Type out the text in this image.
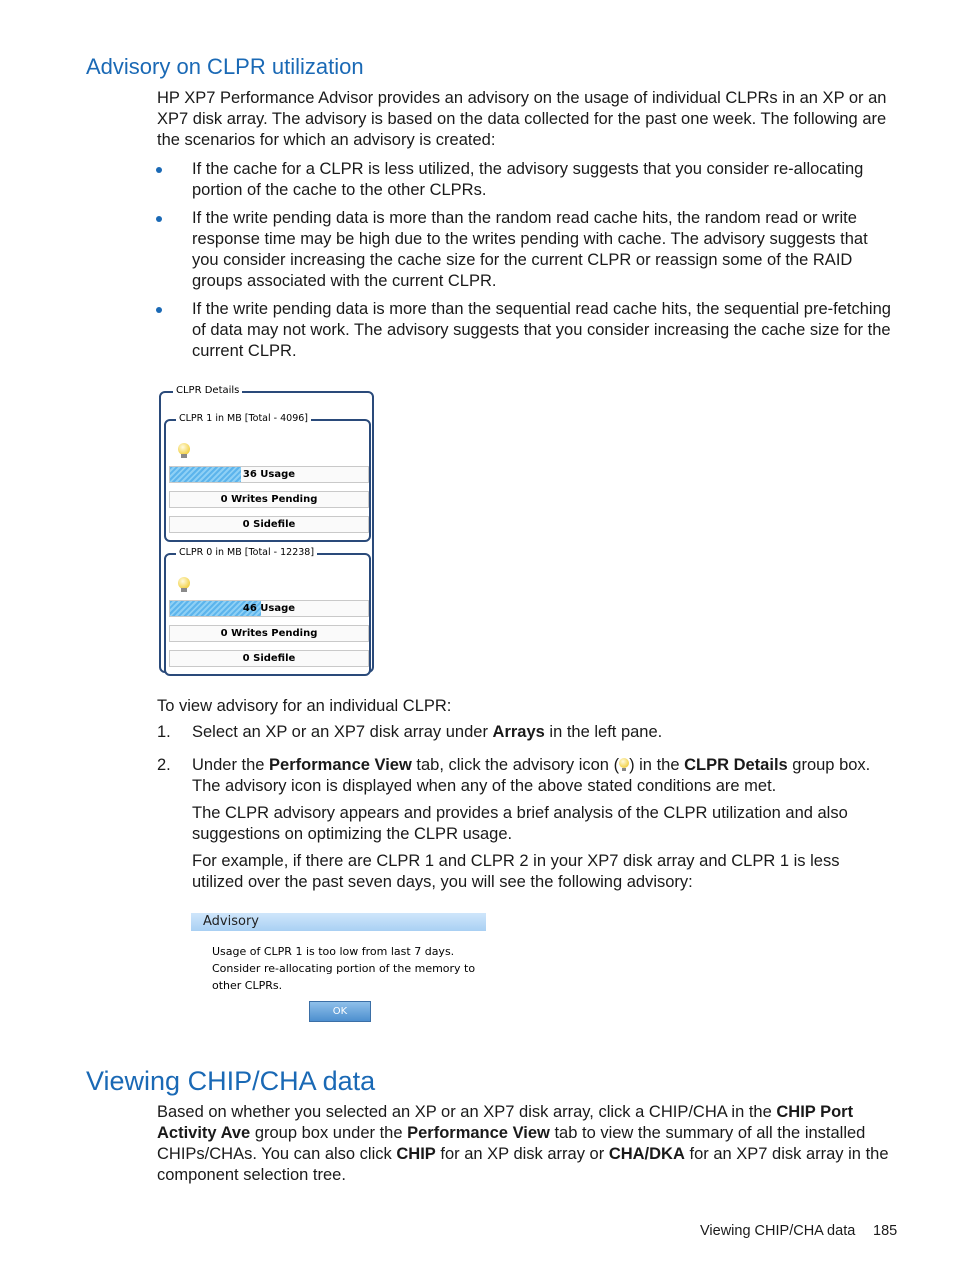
Advisory on CLPR utilization
HP XP7 Performance Advisor provides an advisory on the usage of individual CLPRs in an XP or an XP7 disk array. The advisory is based on the data collected for the past one week. The following are the scenarios for which an advisory is created:
If the cache for a CLPR is less utilized, the advisory suggests that you consider re-allocating portion of the cache to the other CLPRs.
If the write pending data is more than the random read cache hits, the random read or write response time may be high due to the writes pending with cache. The advisory suggests that you consider increasing the cache size for the current CLPR or reassign some of the RAID groups associated with the current CLPR.
If the write pending data is more than the sequential read cache hits, the sequential pre-fetching of data may not work. The advisory suggests that you consider increasing the cache size for the current CLPR.
CLPR Details
CLPR 1 in MB [Total - 4096]
36 Usage
0 Writes Pending
0 Sidefile
CLPR 0 in MB [Total - 12238]
46 Usage
0 Writes Pending
0 Sidefile
To view advisory for an individual CLPR:
1. Select an XP or an XP7 disk array under Arrays in the left pane.
2. Under the Performance View tab, click the advisory icon ( ) in the CLPR Details group box. The advisory icon is displayed when any of the above stated conditions are met.
The CLPR advisory appears and provides a brief analysis of the CLPR utilization and also suggestions on optimizing the CLPR usage.
For example, if there are CLPR 1 and CLPR 2 in your XP7 disk array and CLPR 1 is less utilized over the past seven days, you will see the following advisory:
Advisory
Usage of CLPR 1 is too low from last 7 days.
Consider re-allocating portion of the memory to
other CLPRs.
OK
Viewing CHIP/CHA data
Based on whether you selected an XP or an XP7 disk array, click a CHIP/CHA in the CHIP Port Activity Ave group box under the Performance View tab to view the summary of all the installed CHIPs/CHAs. You can also click CHIP for an XP disk array or CHA/DKA for an XP7 disk array in the component selection tree.
Viewing CHIP/CHA data 185
